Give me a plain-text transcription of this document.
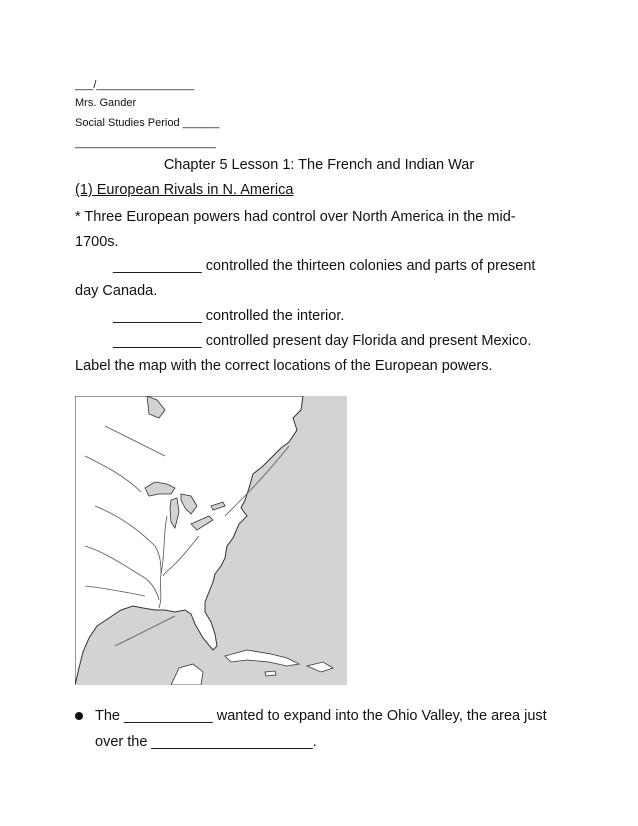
___/________________
Mrs. Gander
Social Studies Period ______
_______________________
Chapter 5 Lesson 1: The French and Indian War
(1) European Rivals in N. America
* Three European powers had control over North America in the mid-
1700s.
___________ controlled the thirteen colonies and parts of present
day Canada.
___________ controlled the interior.
___________ controlled present day Florida and present Mexico.
Label the map with the correct locations of the European powers.
The ___________ wanted to expand into the Ohio Valley, the area just
over the ____________________.
